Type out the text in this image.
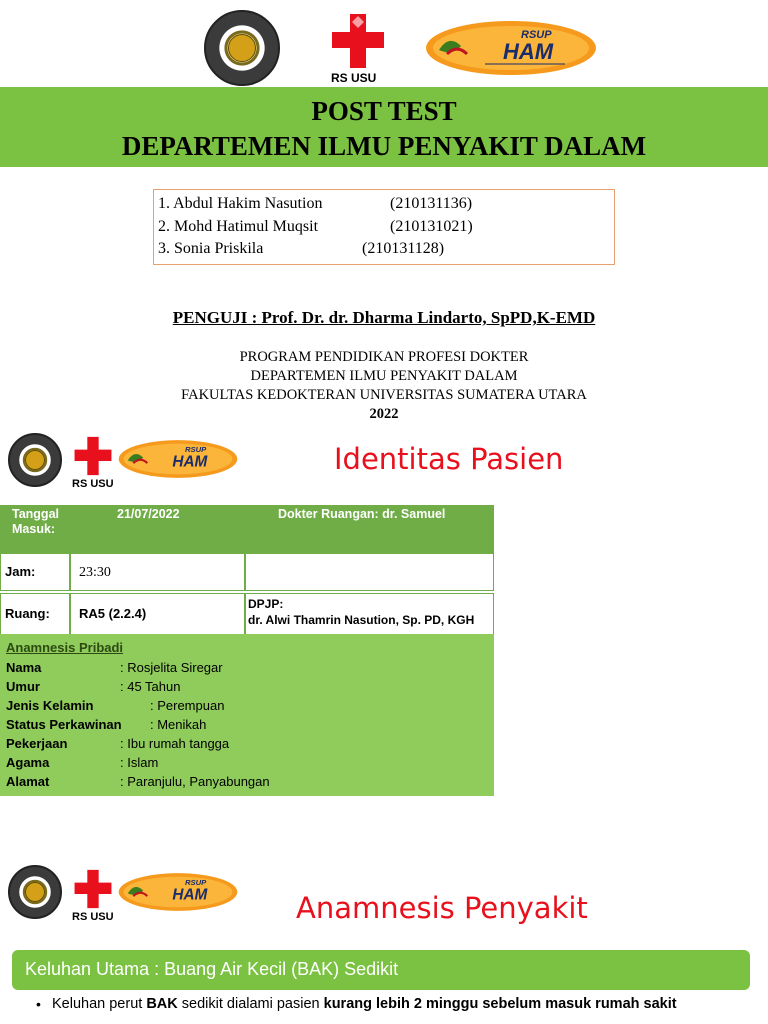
RS USU
RSUP
HAM
POST TEST
DEPARTEMEN ILMU PENYAKIT DALAM
1. Abdul Hakim Nasution	(210131136)
2. Mohd Hatimul Muqsit	(210131021)
3. Sonia Priskila	(210131128)
PENGUJI : Prof. Dr. dr. Dharma Lindarto, SpPD,K-EMD
PROGRAM PENDIDIKAN PROFESI DOKTER
DEPARTEMEN ILMU PENYAKIT DALAM
FAKULTAS KEDOKTERAN UNIVERSITAS SUMATERA UTARA
2022
RS USU
RSUP
HAM	Identitas Pasien
Tanggal
Masuk:
21/07/2022	Dokter Ruangan: dr. Samuel
Jam:	23:30
Ruang: RA5 (2.2.4)
DPJP:
dr. Alwi Thamrin Nasution, Sp. PD, KGH
Anamnesis Pribadi
Nama	: Rosjelita Siregar
Umur	: 45 Tahun
Jenis Kelamin	: Perempuan
Status Perkawinan : Menikah
Pekerjaan	: Ibu rumah tangga
Agama	: Islam
Alamat	: Paranjulu, Panyabungan
RS USU
RSUP
HAM	Anamnesis Penyakit
Keluhan Utama : Buang Air Kecil (BAK) Sedikit
• Keluhan perut BAK sedikit dialami pasien kurang lebih 2 minggu sebelum masuk rumah sakit
